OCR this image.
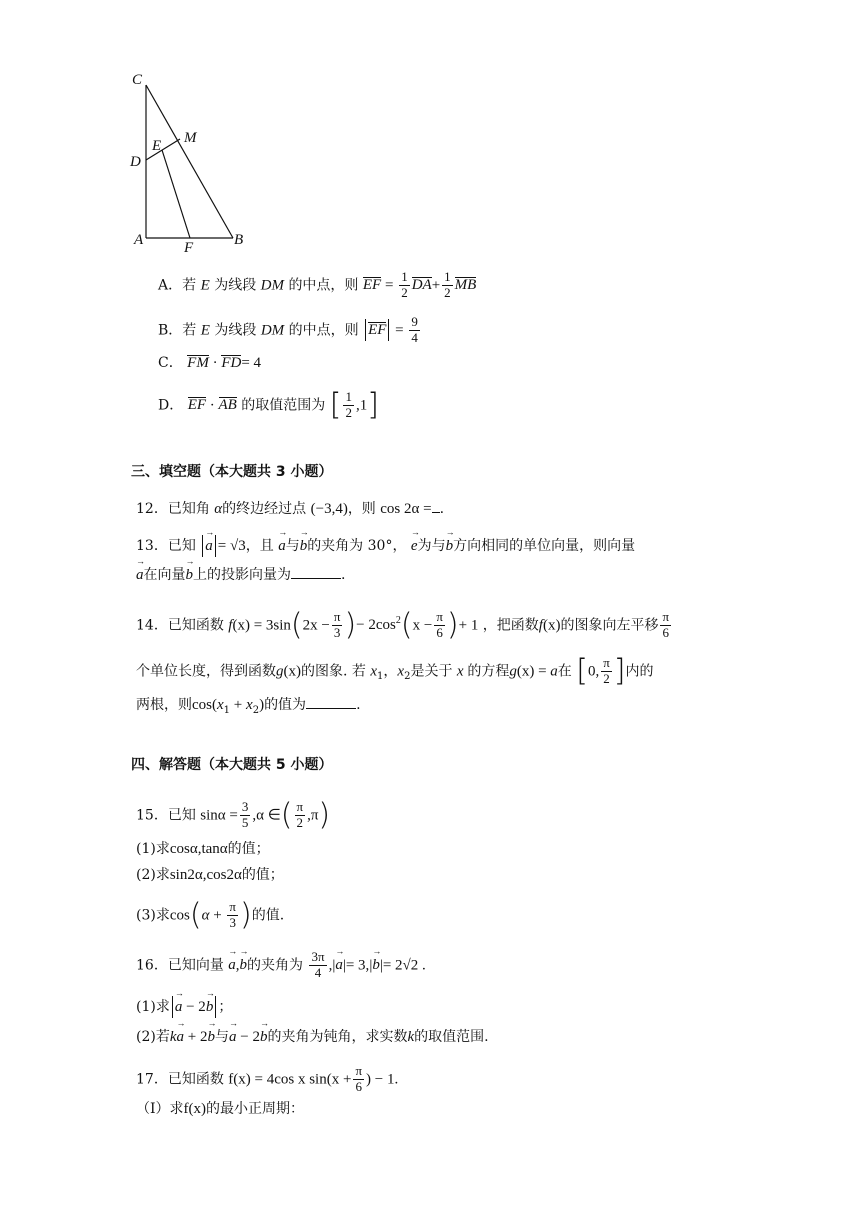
C
M
E
D
A	F	B
A．若 E 为线段 DM 的中点，则 EF = $\frac{1}{2} DA+ \frac{1}{2}$ MB
B．若 E 为线段 DM 的中点，则 EF = $\frac{9}{4}$
C． FM · FD= 4
D． EF · AB 的取值范围为 [ $\frac{1}{2} ,1$]
三、填空题（本大题共 3 小题）
12．已知角 α的终边经过点 (−3,4)，则 cos 2α = .
13．已知 → a = √3，且 → a与→ b的夹角为 30°， → e为与→ b方向相同的单位向量，则向量
→ a在向量→ b上的投影向量为	.
14．已知函数 $f(x) = 3\sin(2x - \frac{\pi}{3}$ )− $2\cos^2(x - \frac{\pi}{6}$ )+ 1 ，把函数f(x)的图象向左平移 $\frac{\pi}{6}$
个单位长度，得到函数g(x)的图象. 若 $x_1$，$x_2$是关于 x 的方程g(x) = a在 [0, $\frac{\pi}{2}$ ]内的
两根，则$\cos(x_1 + x_2)$的值为	.
四、解答题（本大题共 5 小题）
15．已知 $\sin\alpha = \frac{3}{5} ,\alpha$ ∈( $\frac{\pi}{2} ,\pi$)
(1)求cosα,tanα的值；
(2)求sin2α,cos2α的值；
(3)求$\cos(\alpha + \frac{\pi}{3}$ )的值.
16．已知向量 → a,→ b的夹角为 $\frac{3\pi}{4}$ ,|→ a|= 3,|→ b|= 2√2 .
(1)求 → a − 2→ b ；
(2)若k→ a + 2→ b与→ a − 2→ b的夹角为钝角，求实数k的取值范围.
17．已知函数 f(x) = 4cos x $\sin(x + \frac{\pi}{6}$ ) − 1.
（Ⅰ）求f(x)的最小正周期：
